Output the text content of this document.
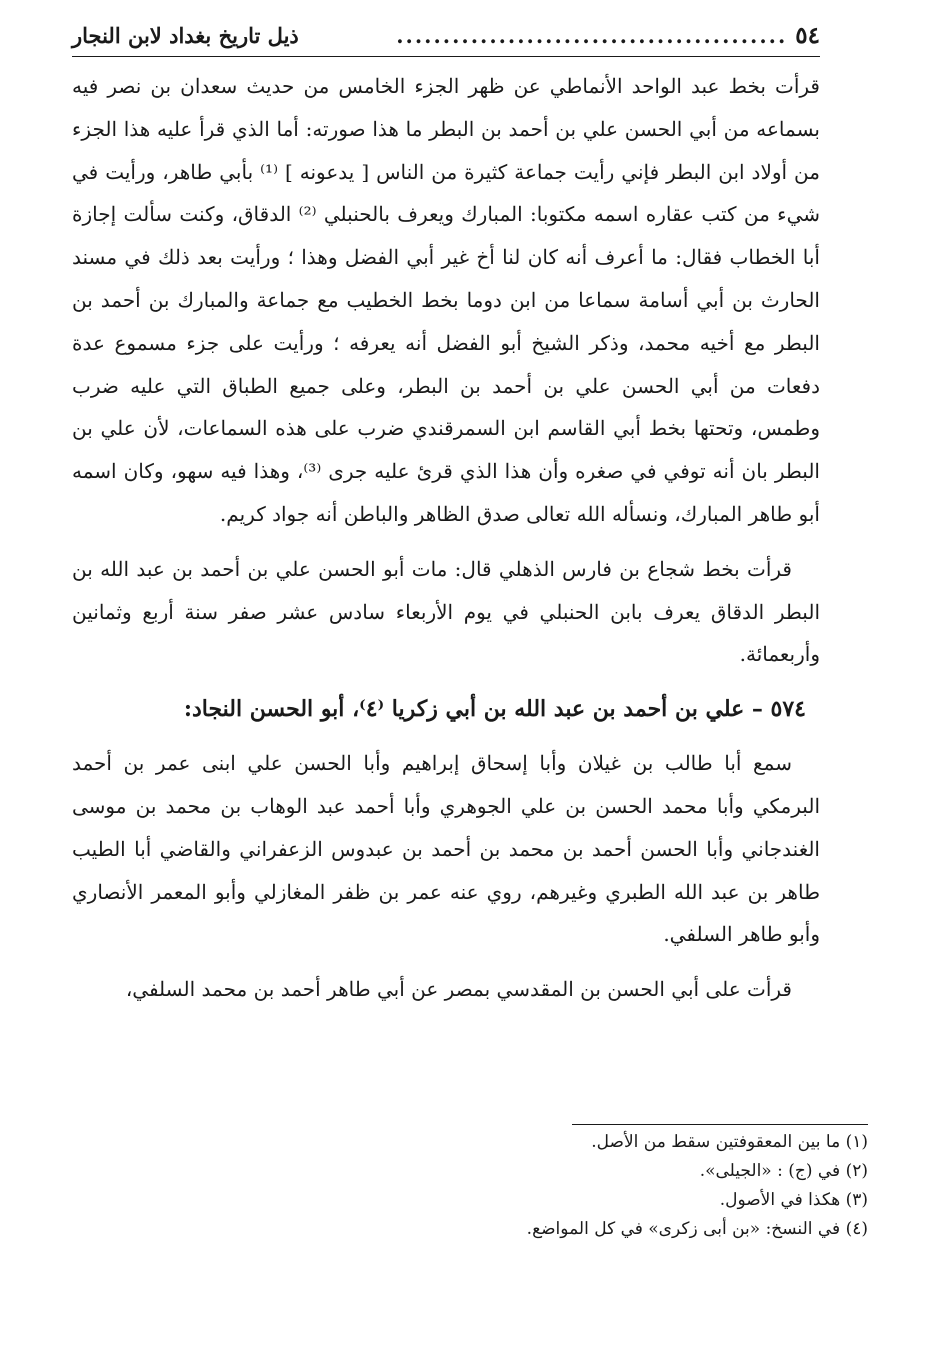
٥٤
..........................................
ذيل تاريخ بغداد لابن النجار

قرأت بخط عبد الواحد الأنماطي عن ظهر الجزء الخامس من حديث سعدان بن نصر فيه بسماعه من أبي الحسن علي بن أحمد بن البطر ما هذا صورته: أما الذي قرأ عليه هذا الجزء من أولاد ابن البطر فإني رأيت جماعة كثيرة من الناس [ يدعونه ] ⁽¹⁾ بأبي طاهر، ورأيت في شيء من كتب عقاره اسمه مكتوبا: المبارك ويعرف بالحنبلي ⁽²⁾ الدقاق، وكنت سألت إجازة أبا الخطاب فقال: ما أعرف أنه كان لنا أخ غير أبي الفضل وهذا ؛ ورأيت بعد ذلك في مسند الحارث بن أبي أسامة سماعا من ابن دوما بخط الخطيب مع جماعة والمبارك بن أحمد بن البطر مع أخيه محمد، وذكر الشيخ أبو الفضل أنه يعرفه ؛ ورأيت على جزء مسموع عدة دفعات من أبي الحسن علي بن أحمد بن البطر، وعلى جميع الطباق التي عليه ضرب وطمس، وتحتها بخط أبي القاسم ابن السمرقندي ضرب على هذه السماعات، لأن علي بن البطر بان أنه توفي في صغره وأن هذا الذي قرئ عليه جرى ⁽³⁾، وهذا فيه سهو، وكان اسمه أبو طاهر المبارك، ونسأله الله تعالى صدق الظاهر والباطن أنه جواد كريم.

قرأت بخط شجاع بن فارس الذهلي قال: مات أبو الحسن علي بن أحمد بن عبد الله بن البطر الدقاق يعرف بابن الحنبلي في يوم الأربعاء سادس عشر صفر سنة أربع وثمانين وأربعمائة.

٥٧٤ – علي بن أحمد بن عبد الله بن أبي زكريا ⁽٤⁾، أبو الحسن النجاد:

سمع أبا طالب بن غيلان وأبا إسحاق إبراهيم وأبا الحسن علي ابنى عمر بن أحمد البرمكي وأبا محمد الحسن بن علي الجوهري وأبا أحمد عبد الوهاب بن محمد بن موسى الغندجاني وأبا الحسن أحمد بن محمد بن أحمد بن عبدوس الزعفراني والقاضي أبا الطيب طاهر بن عبد الله الطبري وغيرهم، روي عنه عمر بن ظفر المغازلي وأبو المعمر الأنصاري وأبو طاهر السلفي.

قرأت على أبي الحسن بن المقدسي بمصر عن أبي طاهر أحمد بن محمد السلفي،

(١) ما بين المعقوفتين سقط من الأصل.
(٢) في (ج) : «الجيلى».
(٣) هكذا في الأصول.
(٤) في النسخ: «بن أبى زكرى» في كل المواضع.
